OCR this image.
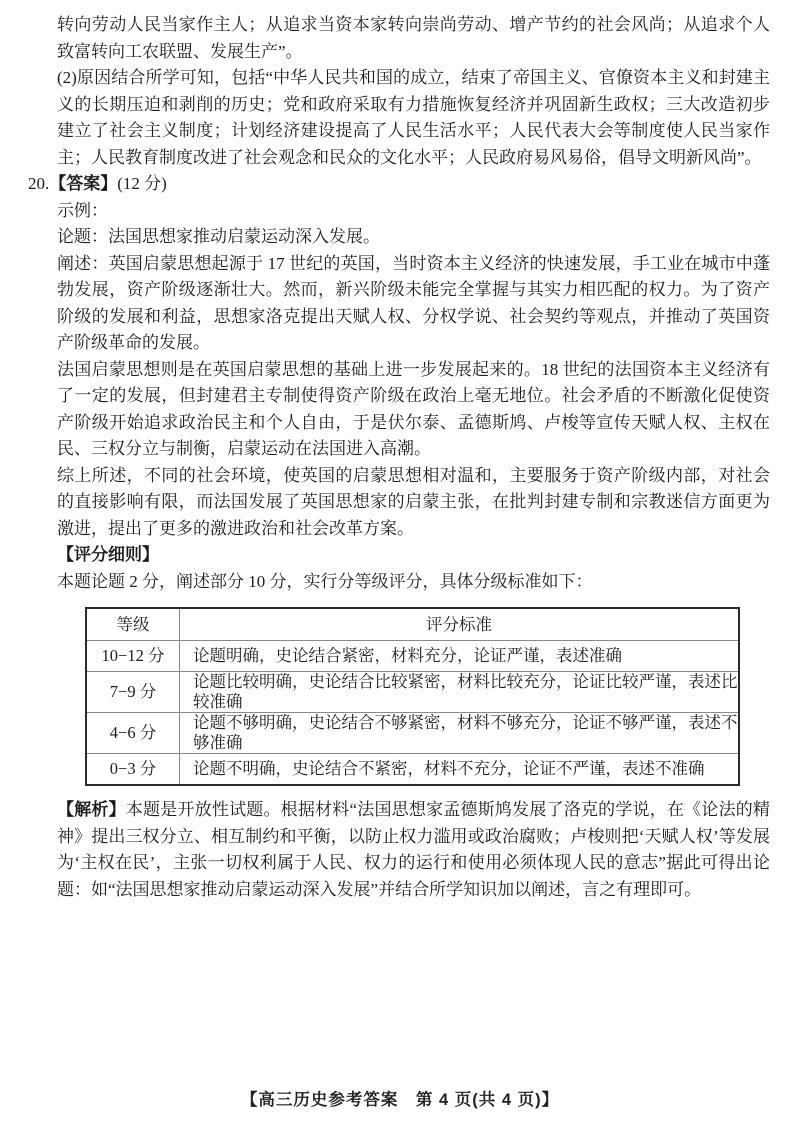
转向劳动人民当家作主人；从追求当资本家转向崇尚劳动、增产节约的社会风尚；从追求个人致富转向工农联盟、发展生产”。

(2)原因结合所学可知，包括“中华人民共和国的成立，结束了帝国主义、官僚资本主义和封建主义的长期压迫和剥削的历史；党和政府采取有力措施恢复经济并巩固新生政权；三大改造初步建立了社会主义制度；计划经济建设提高了人民生活水平；人民代表大会等制度使人民当家作主；人民教育制度改进了社会观念和民众的文化水平；人民政府易风易俗，倡导文明新风尚”。

20.【答案】(12 分)

示例：

论题：法国思想家推动启蒙运动深入发展。

阐述：英国启蒙思想起源于 17 世纪的英国，当时资本主义经济的快速发展，手工业在城市中蓬勃发展，资产阶级逐渐壮大。然而，新兴阶级未能完全掌握与其实力相匹配的权力。为了资产阶级的发展和利益，思想家洛克提出天赋人权、分权学说、社会契约等观点，并推动了英国资产阶级革命的发展。

法国启蒙思想则是在英国启蒙思想的基础上进一步发展起来的。18 世纪的法国资本主义经济有了一定的发展，但封建君主专制使得资产阶级在政治上毫无地位。社会矛盾的不断激化促使资产阶级开始追求政治民主和个人自由，于是伏尔泰、孟德斯鸠、卢梭等宣传天赋人权、主权在民、三权分立与制衡，启蒙运动在法国进入高潮。

综上所述，不同的社会环境，使英国的启蒙思想相对温和，主要服务于资产阶级内部，对社会的直接影响有限，而法国发展了英国思想家的启蒙主张，在批判封建专制和宗教迷信方面更为激进，提出了更多的激进政治和社会改革方案。

【评分细则】

本题论题 2 分，阐述部分 10 分，实行分等级评分，具体分级标准如下：

等级	评分标准
10−12 分	论题明确，史论结合紧密，材料充分，论证严谨，表述准确
7−9 分	论题比较明确，史论结合比较紧密，材料比较充分，论证比较严谨，表述比较准确
4−6 分	论题不够明确，史论结合不够紧密，材料不够充分，论证不够严谨，表述不够准确
0−3 分	论题不明确，史论结合不紧密，材料不充分，论证不严谨，表述不准确

【解析】本题是开放性试题。根据材料“法国思想家孟德斯鸠发展了洛克的学说，在《论法的精神》提出三权分立、相互制约和平衡，以防止权力滥用或政治腐败；卢梭则把‘天赋人权’等发展为‘主权在民’，主张一切权利属于人民、权力的运行和使用必须体现人民的意志”据此可得出论题：如“法国思想家推动启蒙运动深入发展”并结合所学知识加以阐述，言之有理即可。

【高三历史参考答案　第 4 页(共 4 页)】
